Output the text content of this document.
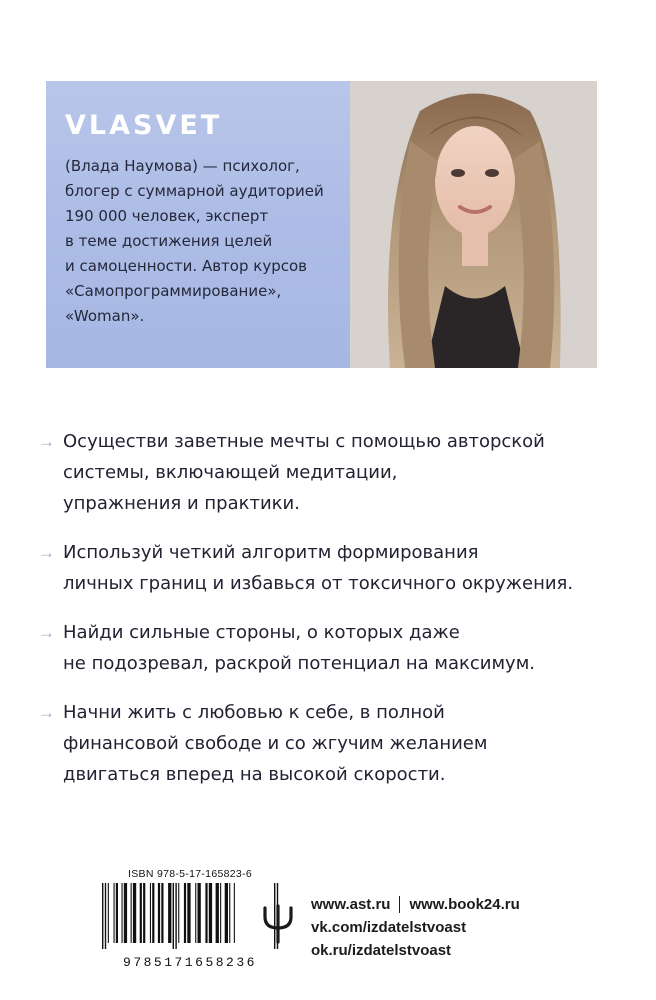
VLASVET
(Влада Наумова) — психолог,
блогер с суммарной аудиторией
190 000 человек, эксперт
в теме достижения целей
и самоценности. Автор курсов
«Самопрограммирование»,
«Woman».
→ Осуществи заветные мечты с помощью авторской
системы, включающей медитации,
упражнения и практики.
→ Используй четкий алгоритм формирования
личных границ и избавься от токсичного окружения.
→ Найди сильные стороны, о которых даже
не подозревал, раскрой потенциал на максимум.
→ Начни жить с любовью к себе, в полной
финансовой свободе и со жгучим желанием
двигаться вперед на высокой скорости.
ISBN 978-5-17-165823-6
9785171658236
www.ast.ru www.book24.ru
vk.com/izdatelstvoast
ok.ru/izdatelstvoast
